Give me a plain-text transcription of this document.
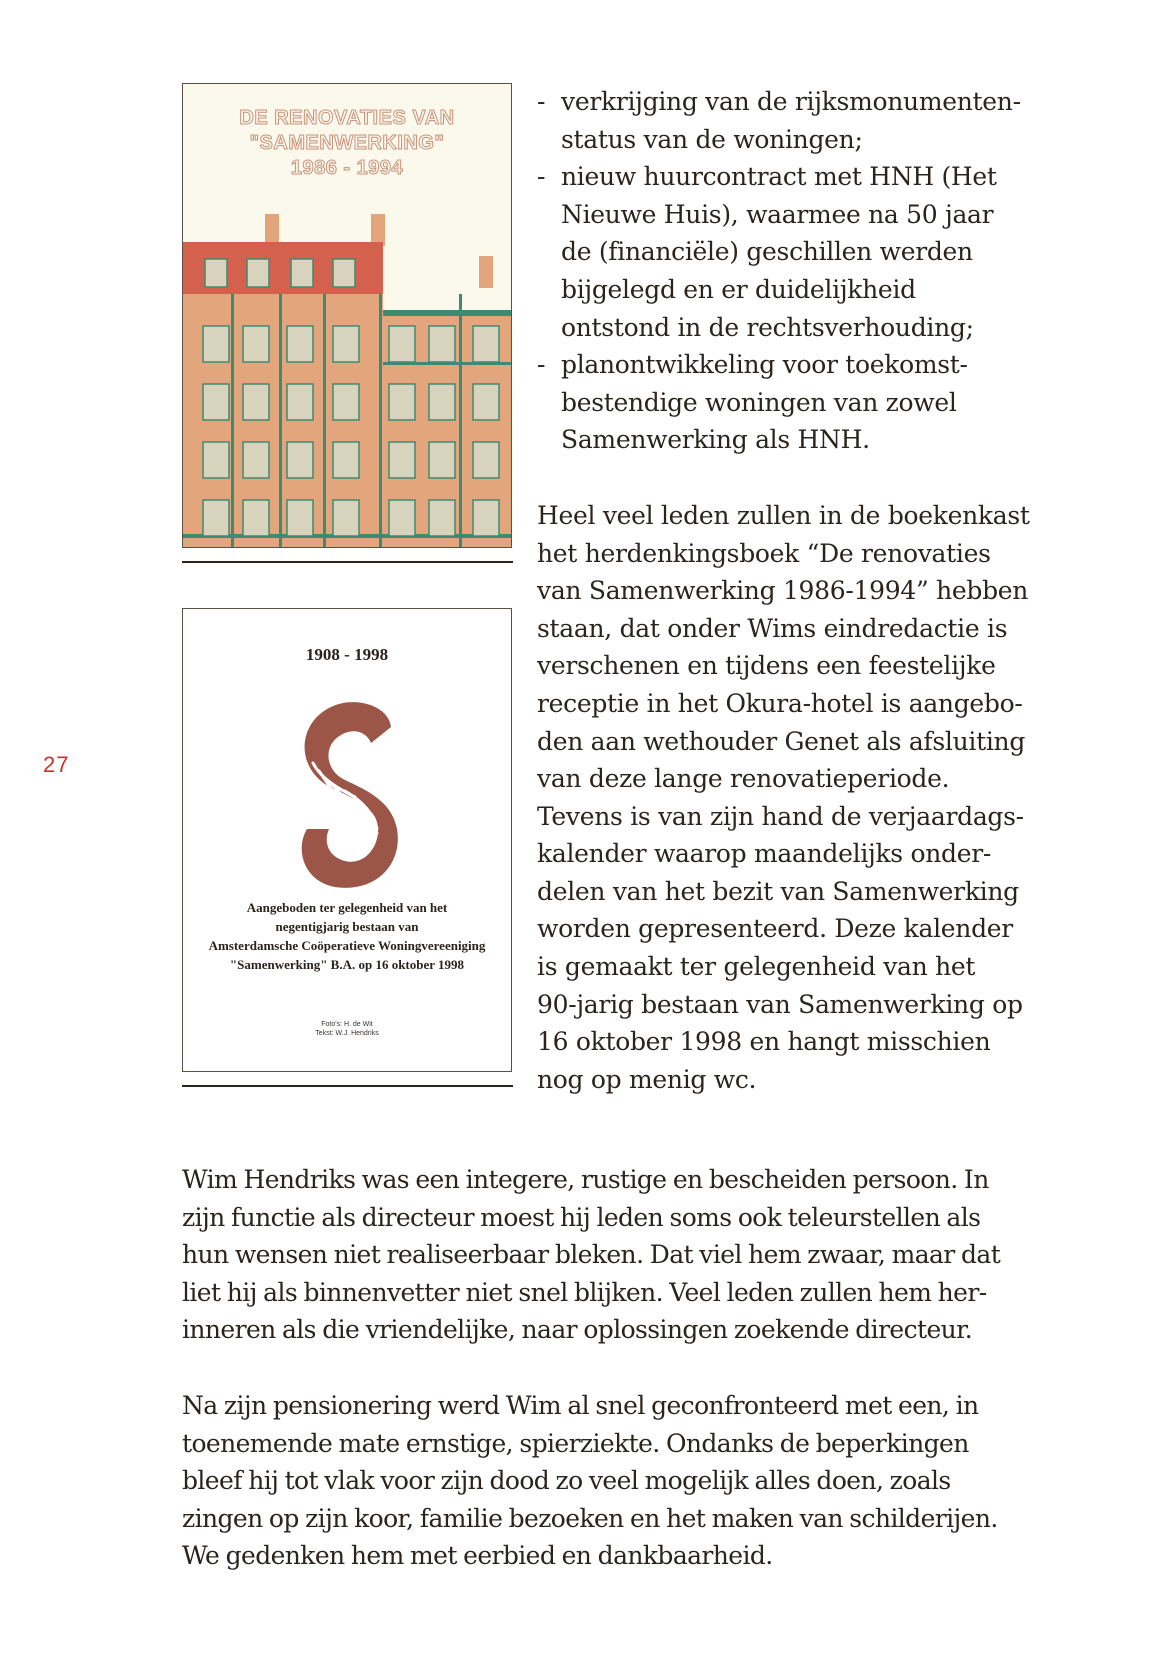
27
DE RENOVATIES VAN
"SAMENWERKING"
1986 - 1994
1908 - 1998
Aangeboden ter gelegenheid van het
negentigjarig bestaan van
Amsterdamsche Coöperatieve Woningvereeniging
"Samenwerking" B.A. op 16 oktober 1998
Foto's: H. de Wit
Tekst: W.J. Hendriks
- verkrijging van de rijksmonumenten-
status van de woningen;
- nieuw huurcontract met HNH (Het
Nieuwe Huis), waarmee na 50 jaar
de (financiële) geschillen werden
bijgelegd en er duidelijkheid
ontstond in de rechtsverhouding;
- planontwikkeling voor toekomst-
bestendige woningen van zowel
Samenwerking als HNH.

Heel veel leden zullen in de boekenkast
het herdenkingsboek “De renovaties
van Samenwerking 1986-1994” hebben
staan, dat onder Wims eindredactie is
verschenen en tijdens een feestelijke
receptie in het Okura-hotel is aangebo-
den aan wethouder Genet als afsluiting
van deze lange renovatieperiode.
Tevens is van zijn hand de verjaardags-
kalender waarop maandelijks onder-
delen van het bezit van Samenwerking
worden gepresenteerd. Deze kalender
is gemaakt ter gelegenheid van het
90-jarig bestaan van Samenwerking op
16 oktober 1998 en hangt misschien
nog op menig wc.

Wim Hendriks was een integere, rustige en bescheiden persoon. In
zijn functie als directeur moest hij leden soms ook teleurstellen als
hun wensen niet realiseerbaar bleken. Dat viel hem zwaar, maar dat
liet hij als binnenvetter niet snel blijken. Veel leden zullen hem her-
inneren als die vriendelijke, naar oplossingen zoekende directeur.

Na zijn pensionering werd Wim al snel geconfronteerd met een, in
toenemende mate ernstige, spierziekte. Ondanks de beperkingen
bleef hij tot vlak voor zijn dood zo veel mogelijk alles doen, zoals
zingen op zijn koor, familie bezoeken en het maken van schilderijen.
We gedenken hem met eerbied en dankbaarheid.
